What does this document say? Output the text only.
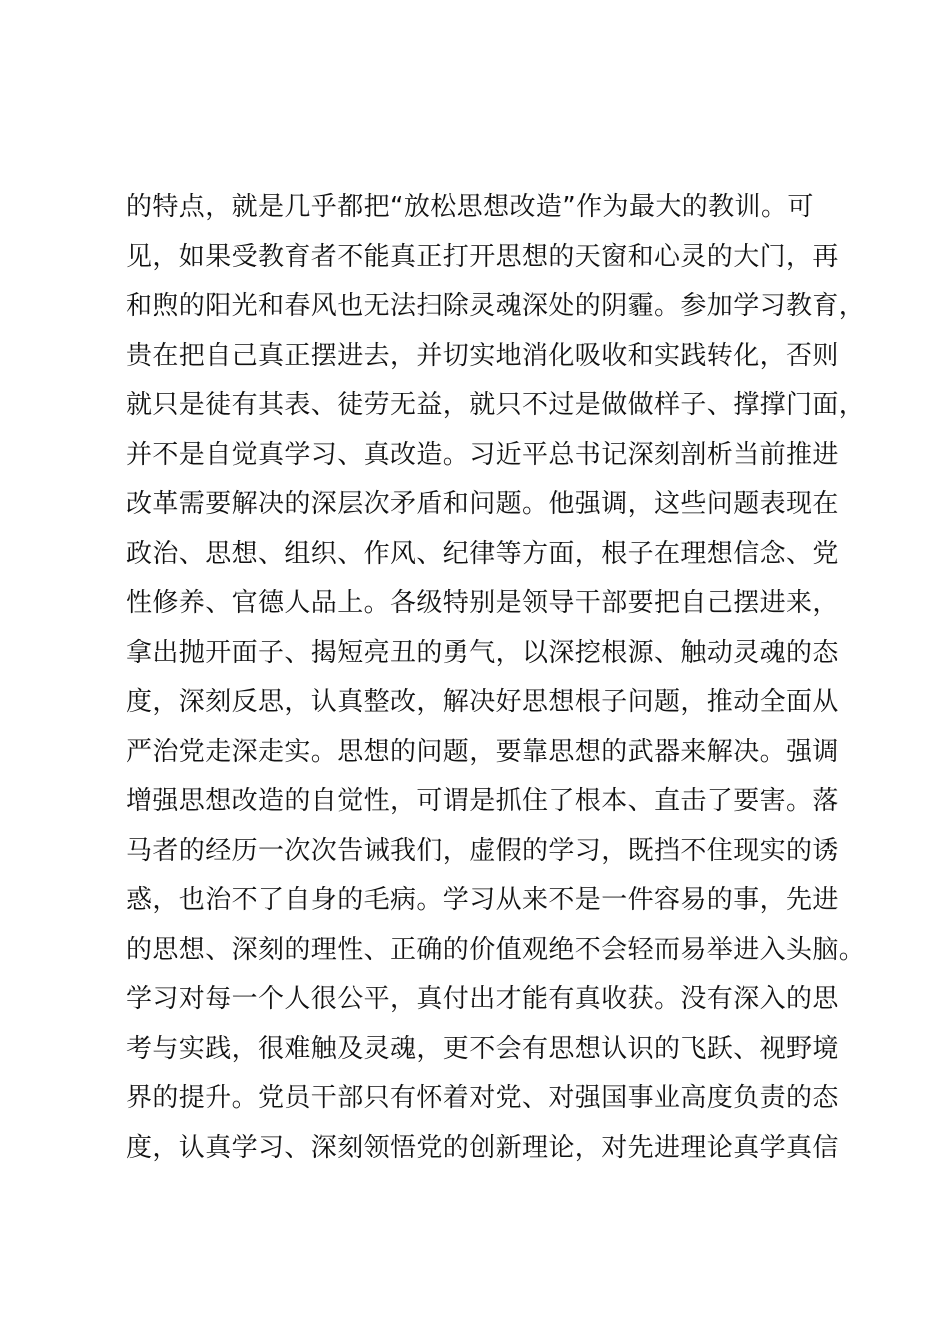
的特点，就是几乎都把“放松思想改造”作为最大的教训。可
见，如果受教育者不能真正打开思想的天窗和心灵的大门，再
和煦的阳光和春风也无法扫除灵魂深处的阴霾。参加学习教育，
贵在把自己真正摆进去，并切实地消化吸收和实践转化，否则
就只是徒有其表、徒劳无益，就只不过是做做样子、撑撑门面，
并不是自觉真学习、真改造。习近平总书记深刻剖析当前推进
改革需要解决的深层次矛盾和问题。他强调，这些问题表现在
政治、思想、组织、作风、纪律等方面，根子在理想信念、党
性修养、官德人品上。各级特别是领导干部要把自己摆进来，
拿出抛开面子、揭短亮丑的勇气，以深挖根源、触动灵魂的态
度，深刻反思，认真整改，解决好思想根子问题，推动全面从
严治党走深走实。思想的问题，要靠思想的武器来解决。强调
增强思想改造的自觉性，可谓是抓住了根本、直击了要害。落
马者的经历一次次告诫我们，虚假的学习，既挡不住现实的诱
惑，也治不了自身的毛病。学习从来不是一件容易的事，先进
的思想、深刻的理性、正确的价值观绝不会轻而易举进入头脑。
学习对每一个人很公平，真付出才能有真收获。没有深入的思
考与实践，很难触及灵魂，更不会有思想认识的飞跃、视野境
界的提升。党员干部只有怀着对党、对强国事业高度负责的态
度，认真学习、深刻领悟党的创新理论，对先进理论真学真信
